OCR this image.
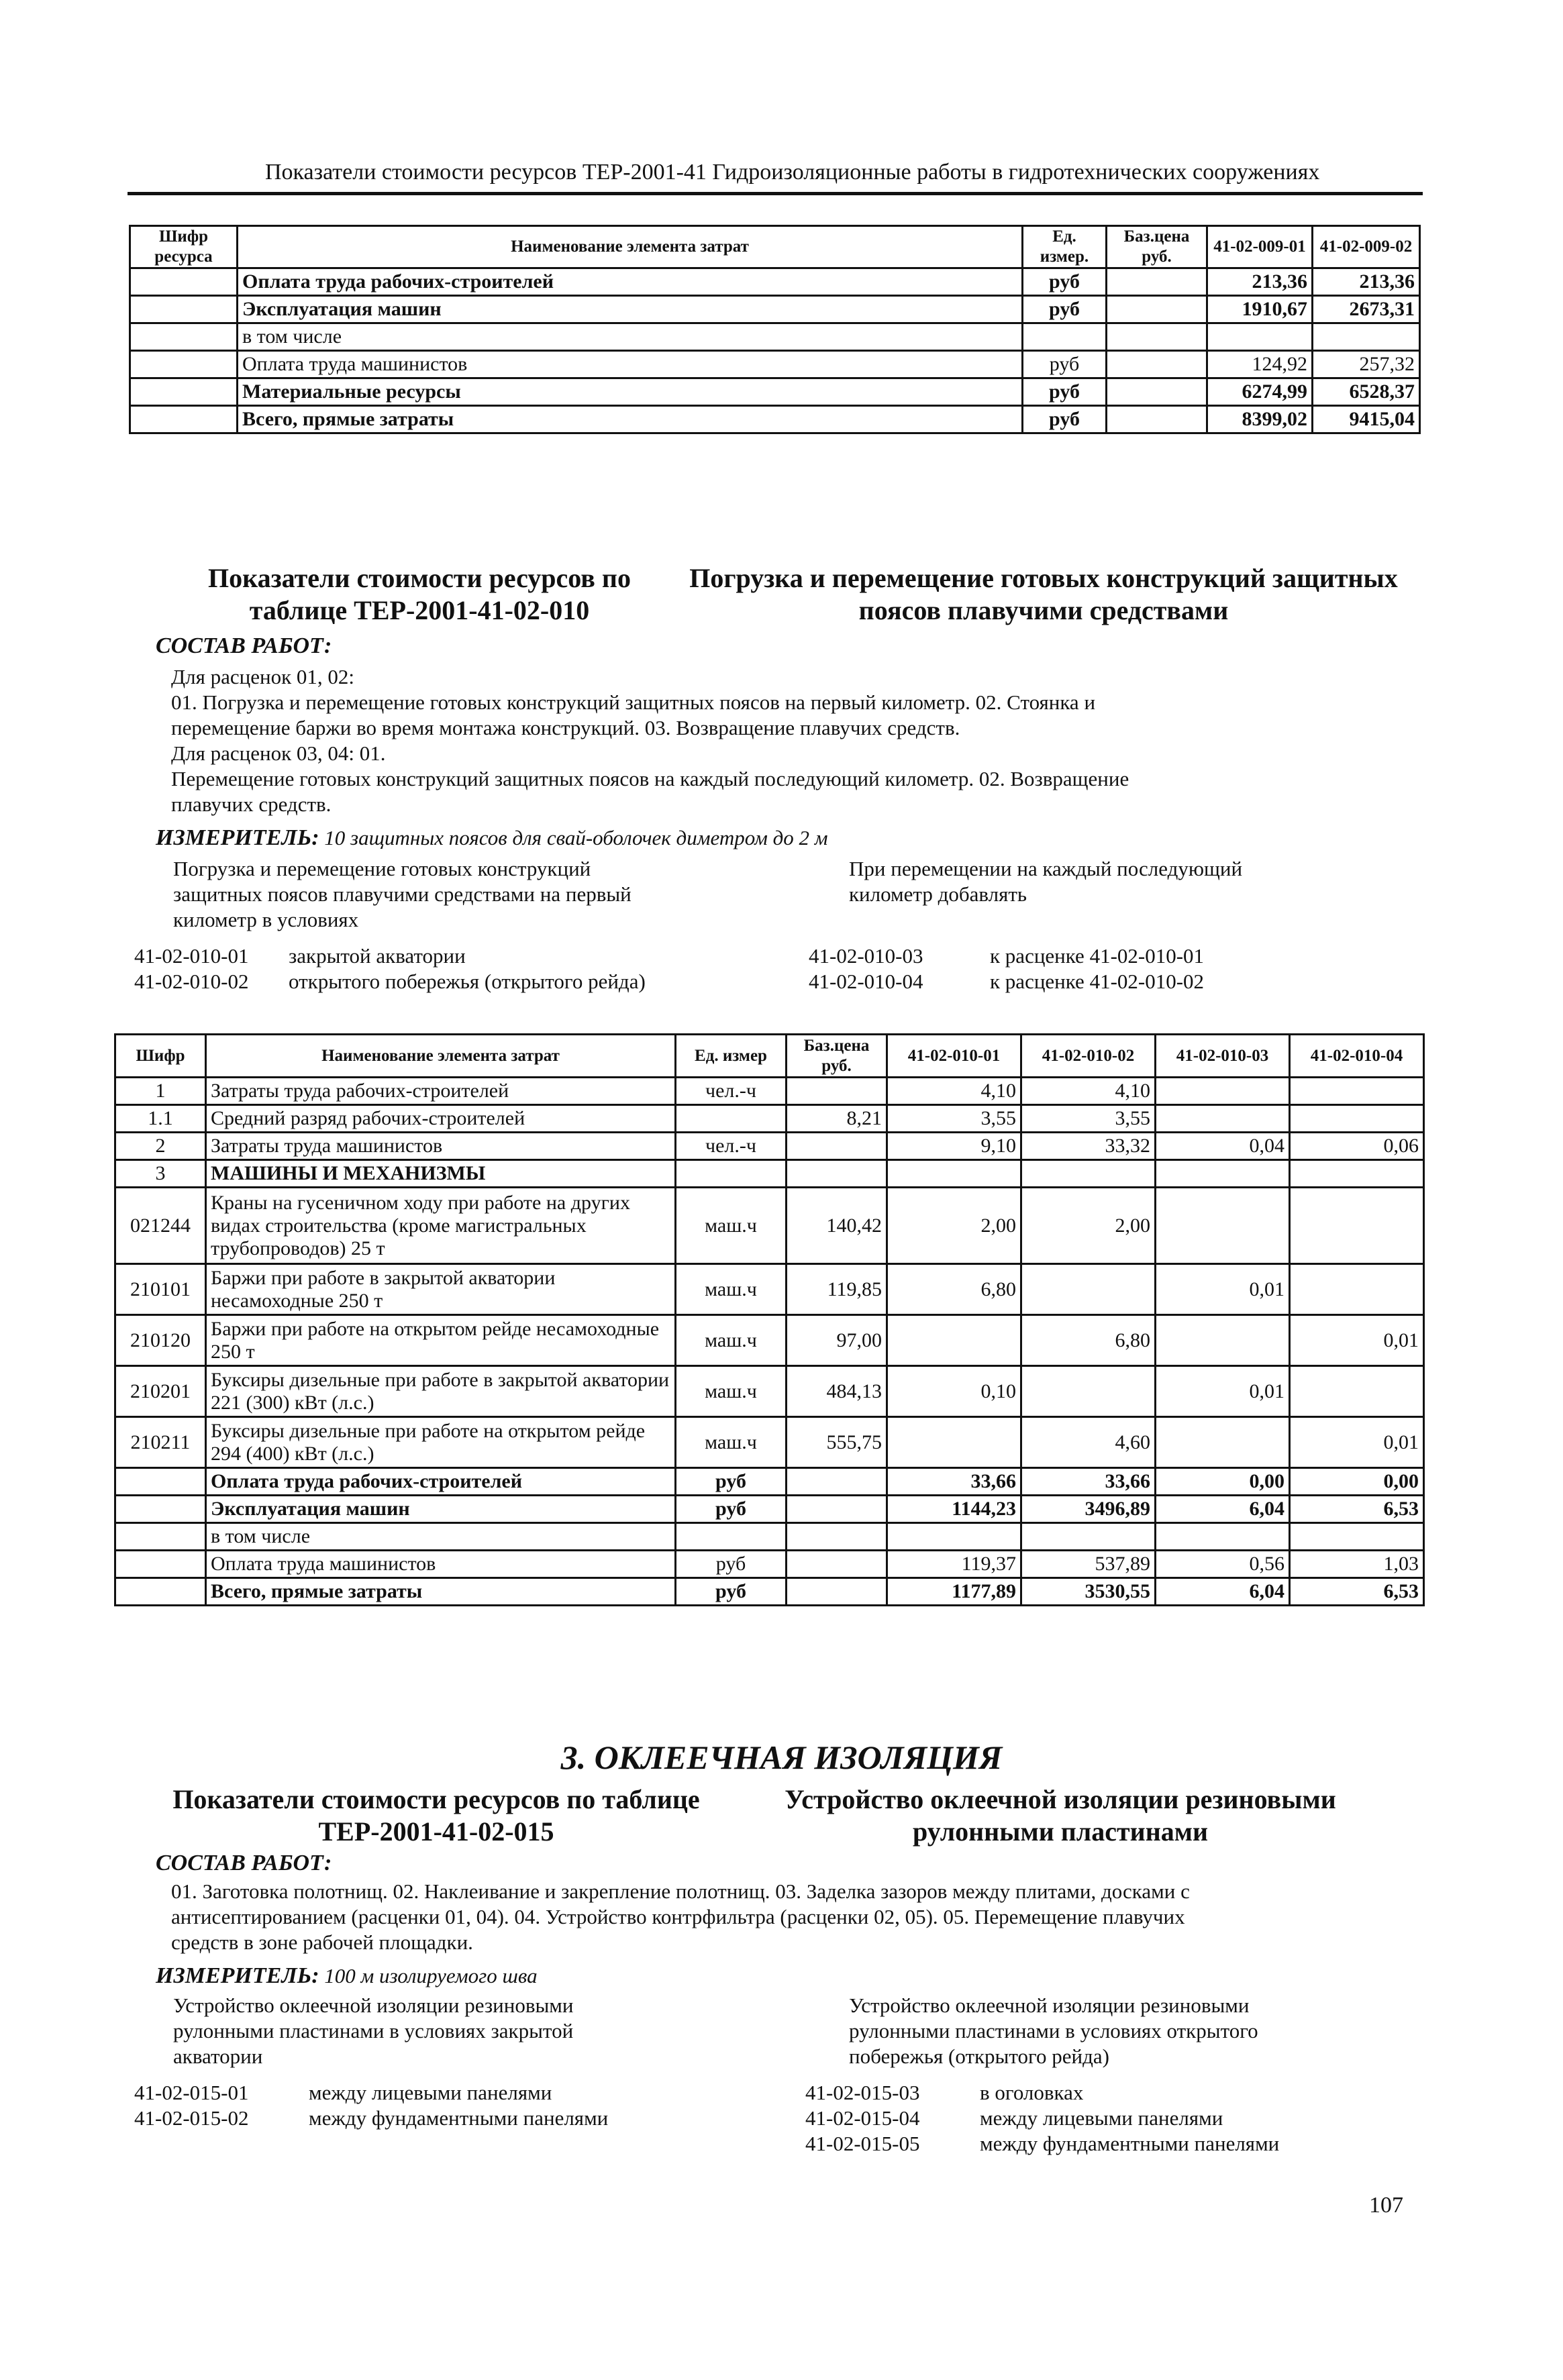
Показатели стоимости ресурсов ТЕР-2001-41 Гидроизоляционные работы в гидротехнических сооружениях
Шифр ресурса	Наименование элемента затрат	Ед. измер.	Баз.цена руб.	41-02-009-01	41-02-009-02
	Оплата труда рабочих-строителей	руб		213,36	213,36
	Эксплуатация машин	руб		1910,67	2673,31
	в том числе				
	Оплата труда машинистов	руб		124,92	257,32
	Материальные ресурсы	руб		6274,99	6528,37
	Всего, прямые затраты	руб		8399,02	9415,04
Показатели стоимости ресурсов по
таблице ТЕР-2001-41-02-010
Погрузка и перемещение готовых конструкций защитных
поясов плавучими средствами
СОСТАВ РАБОТ:
Для расценок 01, 02:
01. Погрузка и перемещение готовых конструкций защитных поясов на первый километр. 02. Стоянка и
перемещение баржи во время монтажа конструкций. 03. Возвращение плавучих средств.
Для расценок 03, 04: 01.
Перемещение готовых конструкций защитных поясов на каждый последующий километр. 02. Возвращение
плавучих средств.
ИЗМЕРИТЕЛЬ: 10 защитных поясов для свай-оболочек диметром до 2 м
Погрузка и перемещение готовых конструкций
защитных поясов плавучими средствами на первый
километр в условиях
При перемещении на каждый последующий
километр добавлять
41-02-010-01 закрытой акватории
41-02-010-02 открытого побережья (открытого рейда)
41-02-010-03	к расценке 41-02-010-01
41-02-010-04	к расценке 41-02-010-02
Шифр	Наименование элемента затрат	Ед. измер	Баз.цена руб.	41-02-010-01	41-02-010-02	41-02-010-03	41-02-010-04
1	Затраты труда рабочих-строителей	чел.-ч		4,10	4,10		
1.1	Средний разряд рабочих-строителей		8,21	3,55	3,55		
2	Затраты труда машинистов	чел.-ч		9,10	33,32	0,04	0,06
3	МАШИНЫ И МЕХАНИЗМЫ						
021244	Краны на гусеничном ходу при работе на других видах строительства (кроме магистральных трубопроводов) 25 т	маш.ч	140,42	2,00	2,00		
210101	Баржи при работе в закрытой акватории несамоходные 250 т	маш.ч	119,85	6,80		0,01	
210120	Баржи при работе на открытом рейде несамоходные 250 т	маш.ч	97,00		6,80		0,01
210201	Буксиры дизельные при работе в закрытой акватории 221 (300) кВт (л.с.)	маш.ч	484,13	0,10		0,01	
210211	Буксиры дизельные при работе на открытом рейде 294 (400) кВт (л.с.)	маш.ч	555,75		4,60		0,01
	Оплата труда рабочих-строителей	руб		33,66	33,66	0,00	0,00
	Эксплуатация машин	руб		1144,23	3496,89	6,04	6,53
	в том числе						
	Оплата труда машинистов	руб		119,37	537,89	0,56	1,03
	Всего, прямые затраты	руб		1177,89	3530,55	6,04	6,53
3. ОКЛЕЕЧНАЯ ИЗОЛЯЦИЯ
Показатели стоимости ресурсов по таблице
ТЕР-2001-41-02-015
Устройство оклеечной изоляции резиновыми
рулонными пластинами
СОСТАВ РАБОТ:
01. Заготовка полотнищ. 02. Наклеивание и закрепление полотнищ. 03. Заделка зазоров между плитами, досками с
антисептированием (расценки 01, 04). 04. Устройство контрфильтра (расценки 02, 05). 05. Перемещение плавучих
средств в зоне рабочей площадки.
ИЗМЕРИТЕЛЬ: 100 м изолируемого шва
Устройство оклеечной изоляции резиновыми
рулонными пластинами в условиях закрытой
акватории
Устройство оклеечной изоляции резиновыми
рулонными пластинами в условиях открытого
побережья (открытого рейда)
41-02-015-01	между лицевыми панелями
41-02-015-02	между фундаментными панелями
41-02-015-03	в оголовках
41-02-015-04	между лицевыми панелями
41-02-015-05	между фундаментными панелями
107
